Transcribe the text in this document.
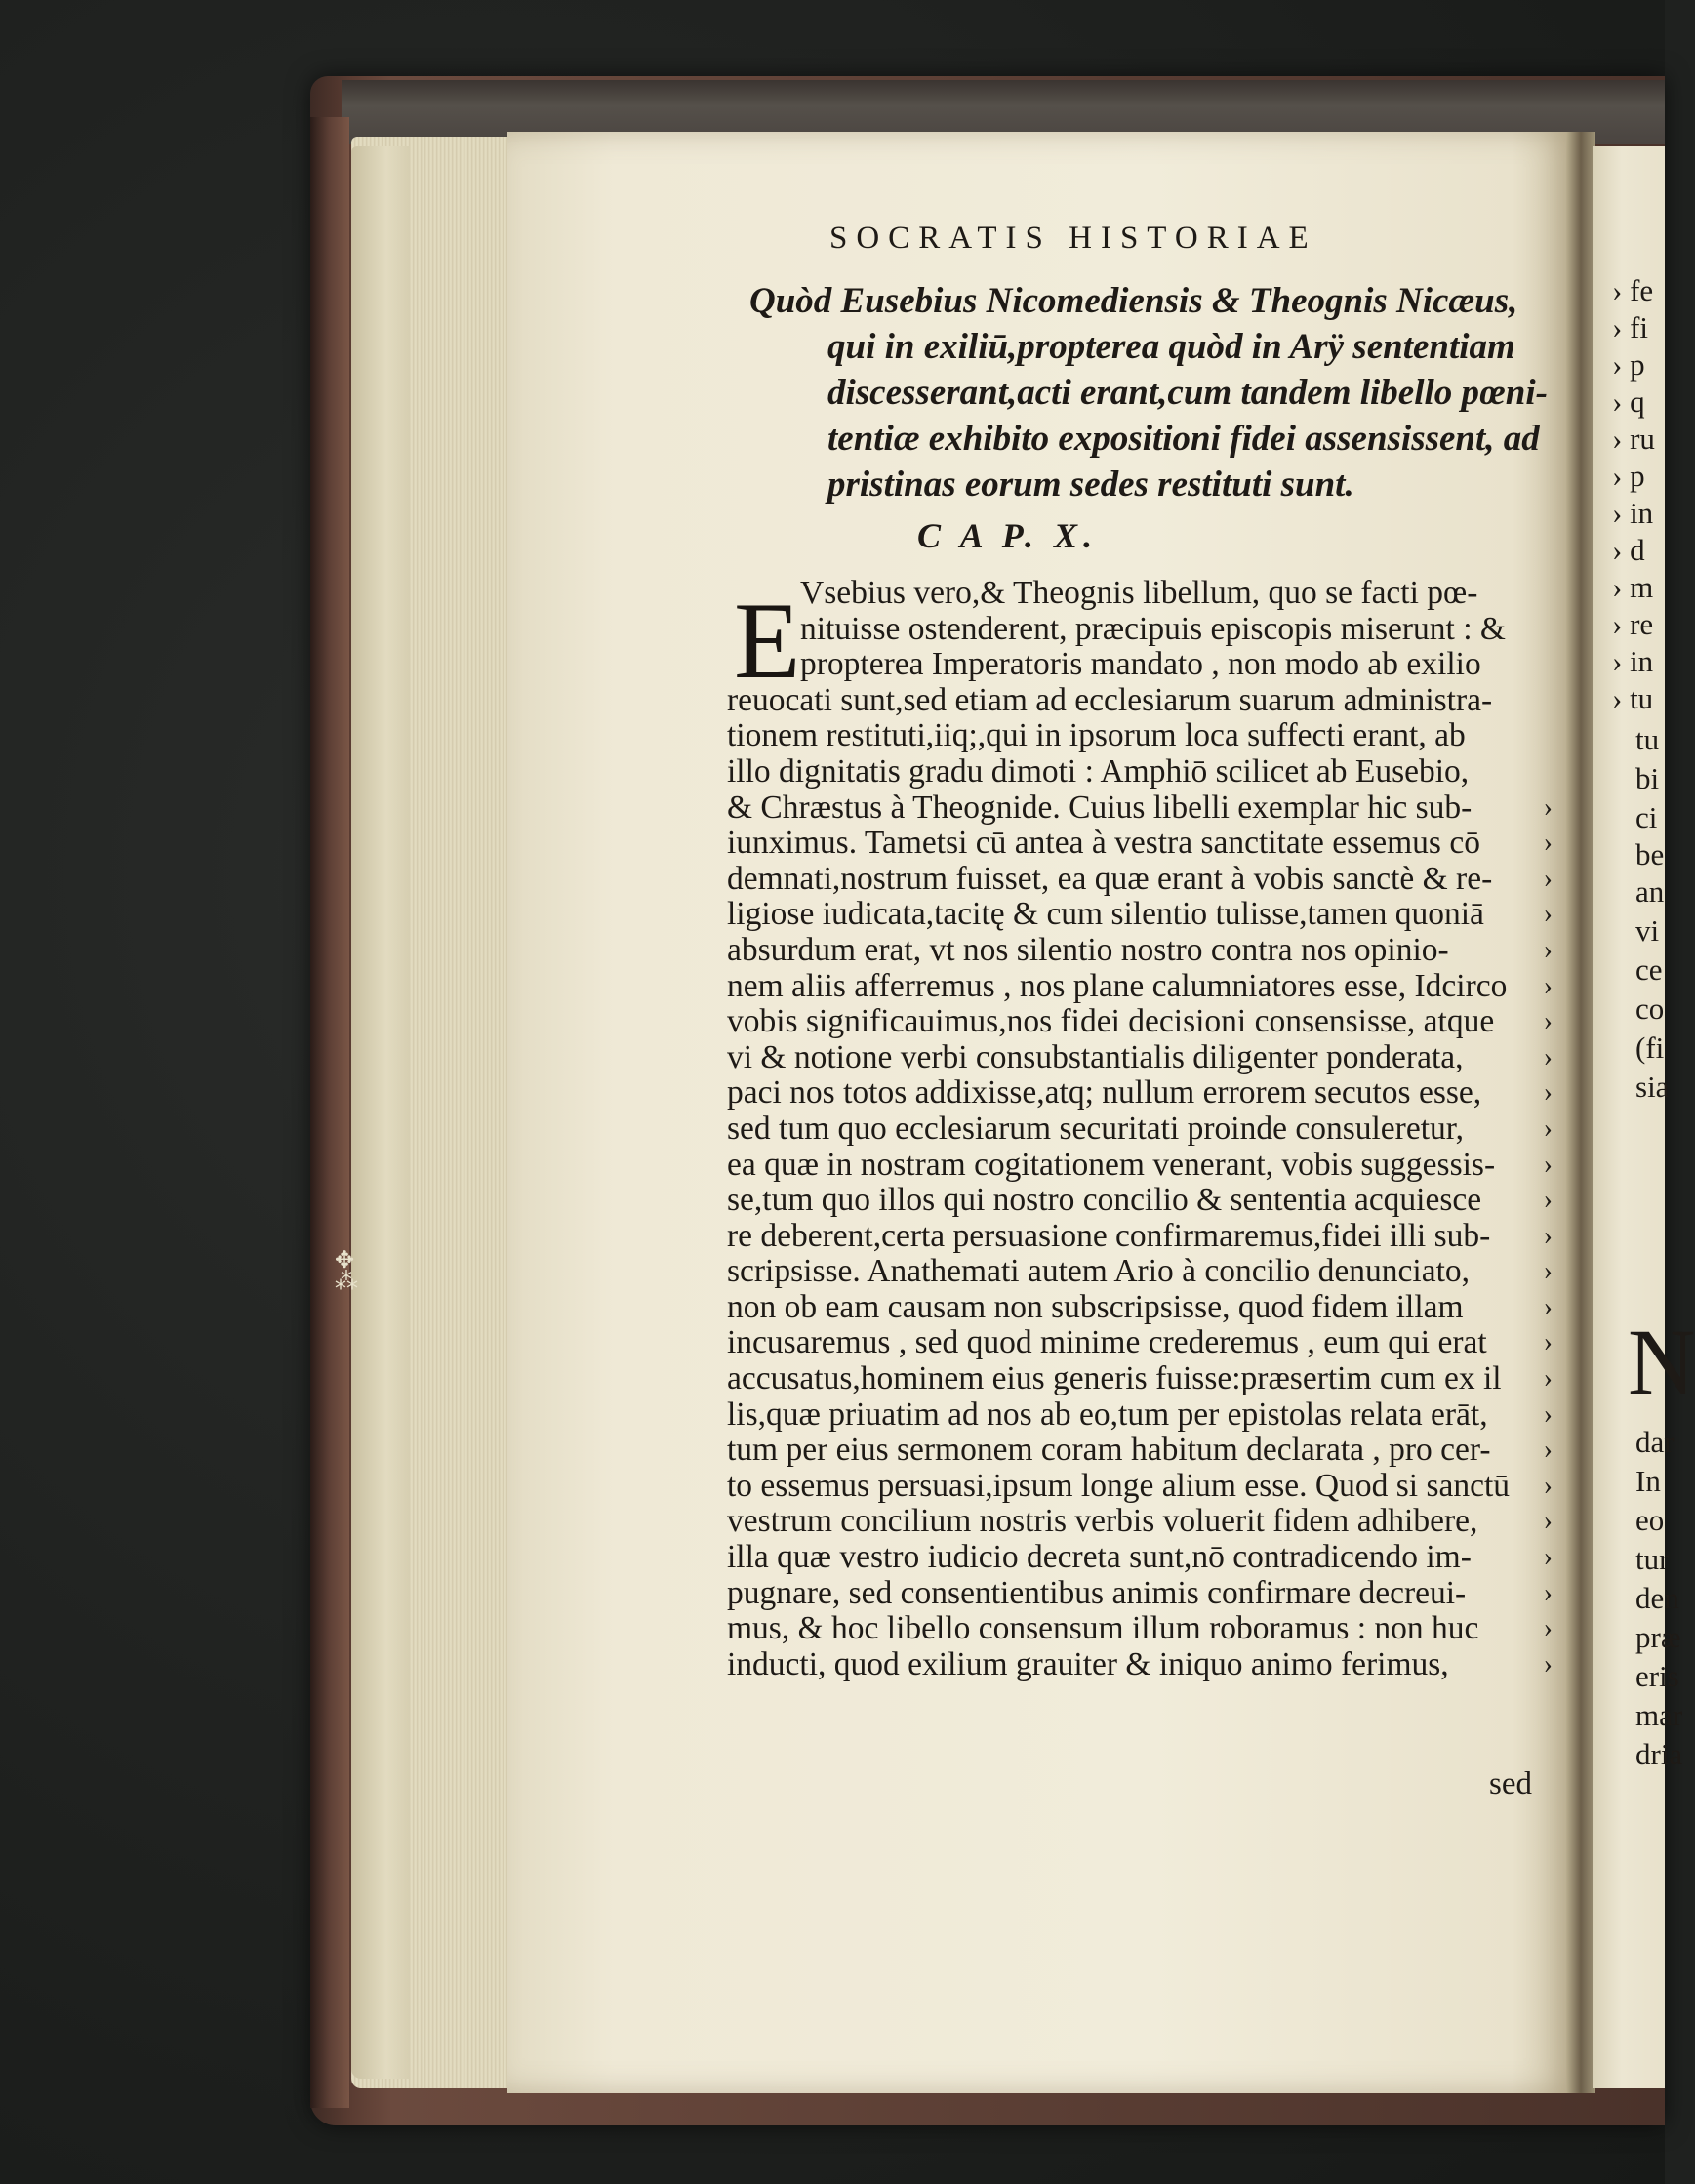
✥
⁂
SOCRATIS HISTORIAE
Quòd Eusebius Nicomediensis & Theognis Nicæus,
qui in exiliū,propterea quòd in Arÿ sententiam
discesserant,acti erant,cum tandem libello pœni-
tentiæ exhibito expositioni fidei assensissent, ad
pristinas eorum sedes restituti sunt.
C A P. X.
E Vsebius vero,& Theognis libellum, quo se facti pœ-
nituisse ostenderent, præcipuis episcopis miserunt : &
propterea Imperatoris mandato , non modo ab exilio
reuocati sunt,sed etiam ad ecclesiarum suarum administra-
tionem restituti,iiq;,qui in ipsorum loca suffecti erant, ab
illo dignitatis gradu dimoti : Amphiō scilicet ab Eusebio,
& Chræstus à Theognide. Cuius libelli exemplar hic sub-	›
iunximus. Tametsi cū antea à vestra sanctitate essemus cō ›
demnati,nostrum fuisset, ea quæ erant à vobis sanctè & re- ›
ligiose iudicata,tacitę & cum silentio tulisse,tamen quoniā ›
absurdum erat, vt nos silentio nostro contra nos opinio-	›
nem aliis afferremus , nos plane calumniatores esse, Idcirco ›
vobis significauimus,nos fidei decisioni consensisse, atque ›
vi & notione verbi consubstantialis diligenter ponderata,	›
paci nos totos addixisse,atq; nullum errorem secutos esse, ›
sed tum quo ecclesiarum securitati proinde consuleretur,	›
ea quæ in nostram cogitationem venerant, vobis suggessis- ›
se,tum quo illos qui nostro concilio & sententia acquiesce ›
re deberent,certa persuasione confirmaremus,fidei illi sub- ›
scripsisse. Anathemati autem Ario à concilio denunciato,	›
non ob eam causam non subscripsisse, quod fidem illam	›
incusaremus , sed quod minime crederemus , eum qui erat ›
accusatus,hominem eius generis fuisse:præsertim cum ex il ›
lis,quæ priuatim ad nos ab eo,tum per epistolas relata erāt, ›
tum per eius sermonem coram habitum declarata , pro cer- ›
to essemus persuasi,ipsum longe alium esse. Quod si sanctū ›
vestrum concilium nostris verbis voluerit fidem adhibere, ›
illa quæ vestro iudicio decreta sunt,nō contradicendo im-	›
pugnare, sed consentientibus animis confirmare decreui-	›
mus, & hoc libello consensum illum roboramus : non huc ›
inducti, quod exilium grauiter & iniquo animo ferimus,	›
sed
› fe
› fi
› p
› q
› ru
› p
› in
› d
› m
› re
› in
› tu
tu
bi
ci
be
an
vi
ce
co
(fi
sia
N
dar
In
eo
tur
den
præ
eris
mar
dria
